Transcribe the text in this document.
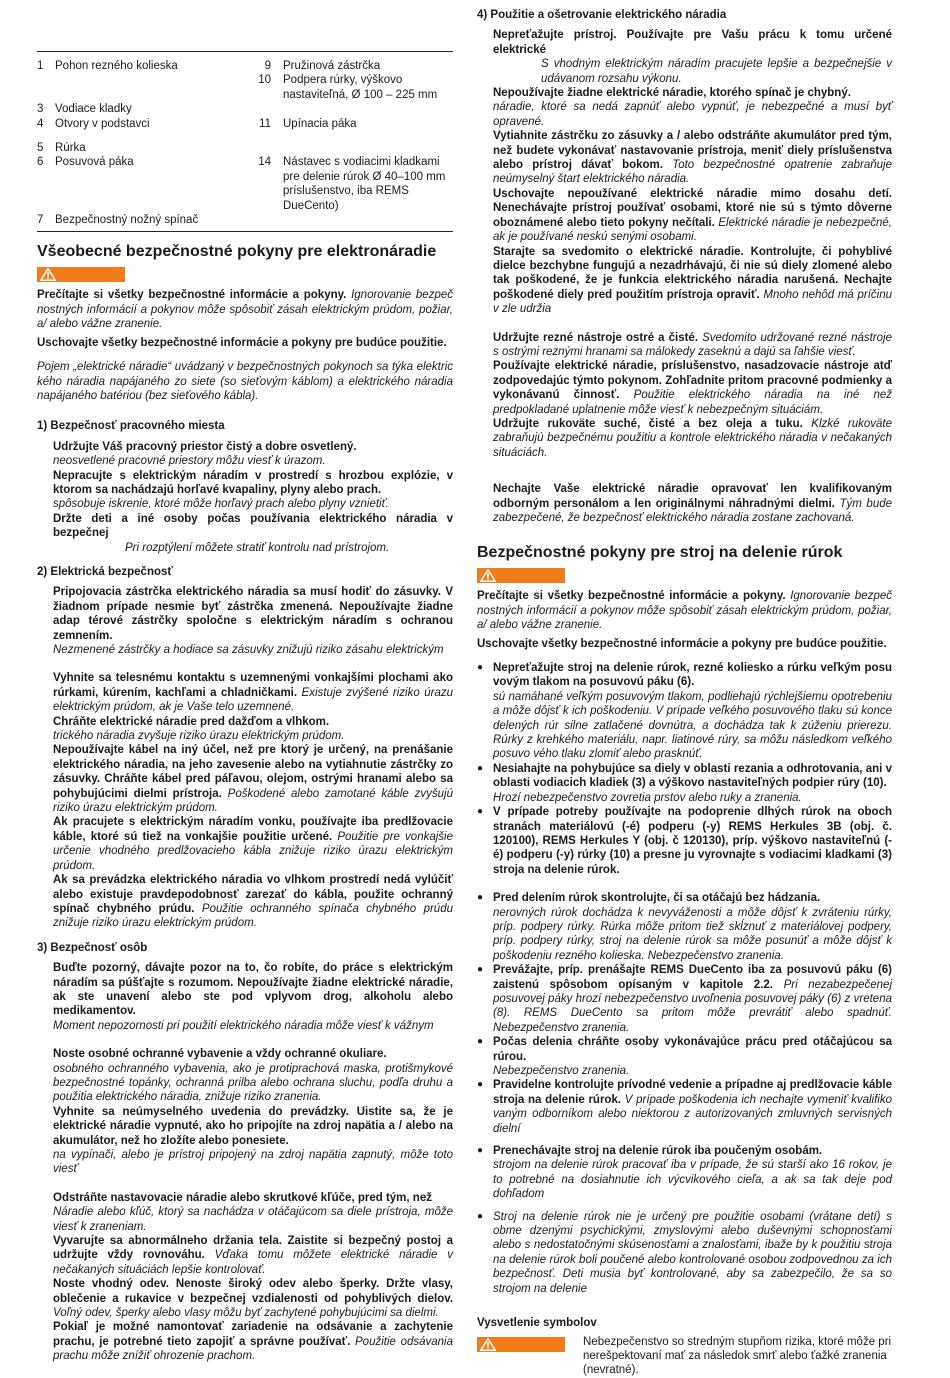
1	Pohon rezného kolieska	9	Pružinová zástrčka
		10	Podpera rúrky, výškovo nastaviteľná, Ø 100 – 225 mm
3	Vodiace kladky		
4	Otvory v podstavci	11	Upínacia páka

5	Rúrka		
6	Posuvová páka	14	Nástavec s vodiacimi kladkami pre delenie rúrok Ø 40–100 mm príslušenstvo, iba REMS DueCento)
7	Bezpečnostný nožný spínač		
Všeobecné bezpečnostné pokyny pre elektronáradie

Prečítajte si všetky bezpečnostné informácie a pokyny. Ignorovanie bezpeč nostných informácií a pokynov môže spôsobiť zásah elektrickým prúdom, požiar, a/ alebo vážne zranenie.

Uschovajte všetky bezpečnostné informácie a pokyny pre budúce použitie.

Pojem „elektrické náradie“ uvádzaný v bezpečnostných pokynoch sa týka elektric kého náradia napájaného zo siete (so sieťovým káblom) a elektrického náradia napájaného batériou (bez sieťového kábla).

1) Bezpečnosť pracovného miesta

Udržujte Váš pracovný priestor čistý a dobre osvetlený.

neosvetlené pracovné priestory môžu viesť k úrazom.

Nepracujte s elektrickým náradím v prostredí s hrozbou explózie, v ktorom sa nachádzajú horľavé kvapaliny, plyny alebo prach.

spôsobuje iskrenie, ktoré môže horľavý prach alebo plyny vznietiť.

Držte deti a iné osoby počas používania elektrického náradia v bezpečnej

Pri rozptýlení môžete stratiť kontrolu nad prístrojom.

2) Elektrická bezpečnosť

Pripojovacia zástrčka elektrického náradia sa musí hodiť do zásuvky. V žiadnom prípade nesmie byť zástrčka zmenená. Nepoužívajte žiadne adap térové zástrčky spoločne s elektrickým náradím s ochranou zemnením.

Nezmenené zástrčky a hodiace sa zásuvky znižujú riziko zásahu elektrickým

Vyhnite sa telesnému kontaktu s uzemnenými vonkajšími plochami ako rúrkami, kúrením, kachľami a chladničkami. Existuje zvýšené riziko úrazu elektrickým prúdom, ak je Vaše telo uzemnené.

Chráňte elektrické náradie pred dažďom a vlhkom.

trického náradia zvyšuje riziko úrazu elektrickým prúdom.

Nepoužívajte kábel na iný účel, než pre ktorý je určený, na prenášanie elektrického náradia, na jeho zavesenie alebo na vytiahnutie zástrčky zo zásuvky. Chráňte kábel pred páľavou, olejom, ostrými hranami alebo sa pohybujúcimi dielmi prístroja. Poškodené alebo zamotané káble zvyšujú riziko úrazu elektrickým prúdom.

Ak pracujete s elektrickým náradím vonku, používajte iba predlžovacie káble, ktoré sú tiež na vonkajšie použitie určené. Použitie pre vonkajšie určenie vhodného predlžovacieho kábla znižuje riziko úrazu elektrickým prúdom.

Ak sa prevádzka elektrického náradia vo vlhkom prostredí nedá vylúčiť alebo existuje pravdepodobnosť zarezať do kábla, použite ochranný spínač chybného prúdu. Použitie ochranného spínača chybného prúdu znižuje riziko úrazu elektrickým prúdom.

3) Bezpečnosť osôb

Buďte pozorný, dávajte pozor na to, čo robíte, do práce s elektrickým náradím sa púšťajte s rozumom. Nepoužívajte žiadne elektrické náradie, ak ste unavení alebo ste pod vplyvom drog, alkoholu alebo medikamentov.

Moment nepozornosti pri použití elektrického náradia môže viesť k vážnym

Noste osobné ochranné vybavenie a vždy ochranné okuliare.

osobného ochranného vybavenia, ako je protiprachová maska, protišmykové bezpečnostné topánky, ochranná prilba alebo ochrana sluchu, podľa druhu a použitia elektrického náradia, znižuje riziko zranenia.

Vyhnite sa neúmyselného uvedenia do prevádzky. Uistite sa, že je elektrické náradie vypnuté, ako ho pripojíte na zdroj napätia a / alebo na akumulátor, než ho zložíte alebo ponesiete.

na vypínači, alebo je prístroj pripojený na zdroj napätia zapnutý, môže toto viesť

Odstráňte nastavovacie náradie alebo skrutkové kľúče, pred tým, než

Náradie alebo kľúč, ktorý sa nachádza v otáčajúcom sa diele prístroja, môže viesť k zraneniam.

Vyvarujte sa abnormálneho držania tela. Zaistite si bezpečný postoj a udržujte vždy rovnováhu. Vďaka tomu môžete elektrické náradie v nečakaných situáciách lepšie kontrolovať.

Noste vhodný odev. Nenoste široký odev alebo šperky. Držte vlasy, oblečenie a rukavice v bezpečnej vzdialenosti od pohyblivých dielov. Voľný odev, šperky alebo vlasy môžu byť zachytené pohybujúcimi sa dielmi.

Pokiaľ je možné namontovať zariadenie na odsávanie a zachytenie prachu, je potrebné tieto zapojiť a správne používať. Použitie odsávania prachu môže znížiť ohrozenie prachom.

4) Použitie a ošetrovanie elektrického náradia

Nepreťažujte prístroj. Používajte pre Vašu prácu k tomu určené elektrické

S vhodným elektrickým náradím pracujete lepšie a bezpečnejšie v udávanom rozsahu výkonu.

Nepoužívajte žiadne elektrické náradie, ktorého spínač je chybný.

náradie, ktoré sa nedá zapnúť alebo vypnúť, je nebezpečné a musí byť opravené.

Vytiahnite zástrčku zo zásuvky a / alebo odstráňte akumulátor pred tým, než budete vykonávať nastavovanie prístroja, meniť diely príslušenstva alebo prístroj dávať bokom. Toto bezpečnostné opatrenie zabraňuje neúmyselný štart elektrického náradia.

Uschovajte nepoužívané elektrické náradie mimo dosahu detí. Nenechávajte prístroj používať osobami, ktoré nie sú s týmto dôverne oboznámené alebo tieto pokyny nečítali. Elektrické náradie je nebezpečné, ak je používané neskú senými osobami.

Starajte sa svedomito o elektrické náradie. Kontrolujte, či pohyblivé dielce bezchybne fungujú a nezadrhávajú, či nie sú diely zlomené alebo tak poškodené, že je funkcia elektrického náradia narušená. Nechajte poškodené diely pred použitím prístroja opraviť. Mnoho nehôd má príčinu v zle udržia

Udržujte rezné nástroje ostré a čisté. Svedomito udržované rezné nástroje s ostrými reznými hranami sa málokedy zaseknú a dajú sa ľahšie viesť.

Používajte elektrické náradie, príslušenstvo, nasadzovacie nástroje atď zodpovedajúc týmto pokynom. Zohľadnite pritom pracovné podmienky a vykonávanú činnosť. Použitie elektrického náradia na iné než predpokladané uplatnenie môže viesť k nebezpečným situáciám.

Udržujte rukoväte suché, čisté a bez oleja a tuku. Klzké rukoväte zabraňujú bezpečnému použitiu a kontrole elektrického náradia v nečakaných situáciách.

Nechajte Vaše elektrické náradie opravovať len kvalifikovaným odborným personálom a len originálnymi náhradnými dielmi. Tým bude zabezpečené, že bezpečnosť elektrického náradia zostane zachovaná.

Bezpečnostné pokyny pre stroj na delenie rúrok

Prečítajte si všetky bezpečnostné informácie a pokyny. Ignorovanie bezpeč nostných informácií a pokynov môže spôsobiť zásah elektrickým prúdom, požiar, a/ alebo vážne zranenie.

Uschovajte všetky bezpečnostné informácie a pokyny pre budúce použitie.

● Nepreťažujte stroj na delenie rúrok, rezné koliesko a rúrku veľkým posu vovým tlakom na posuvovú páku (6).

sú namáhané veľkým posuvovým tlakom, podliehajú rýchlejšiemu opotrebeniu a môže dôjsť k ich poškodeniu. V prípade veľkého posuvového tlaku sú konce delených rúr silne zatlačené dovnútra, a dochádza tak k zúženiu prierezu. Rúrky z krehkého materiálu, napr. liatinové rúry, sa môžu následkom veľkého posuvo vého tlaku zlomiť alebo prasknúť.

● Nesiahajte na pohybujúce sa diely v oblasti rezania a odhrotovania, ani v oblasti vodiacich kladiek (3) a výškovo nastaviteľných podpier rúry (10).

Hrozí nebezpečenstvo zovretia prstov alebo ruky a zranenia.

● V prípade potreby používajte na podoprenie dlhých rúrok na oboch stranách materiálovú (-é) podperu (-y) REMS Herkules 3B (obj. č. 120100), REMS Herkules Y (obj. č 120130), príp. výškovo nastaviteľnú (-é) podperu (-y) rúrky (10) a presne ju vyrovnajte s vodiacimi kladkami (3) stroja na delenie rúrok.

● Pred delením rúrok skontrolujte, či sa otáčajú bez hádzania.

nerovných rúrok dochádza k nevyváženosti a môže dôjsť k zvráteniu rúrky, príp. podpery rúrky. Rúrka môže pritom tiež skĺznuť z materiálovej podpery, príp. podpery rúrky, stroj na delenie rúrok sa môže posunúť a môže dôjsť k poškodeniu rezného kolieska. Nebezpečenstvo zranenia.

● Prevážajte, príp. prenášajte REMS DueCento iba za posuvovú páku (6) zaistenú spôsobom opísaným v kapitole 2.2. Pri nezabezpečenej posuvovej páky hrozí nebezpečenstvo uvoľnenia posuvovej páky (6) z vretena (8). REMS DueCento sa pritom môže prevrátiť alebo spadnúť. Nebezpečenstvo zranenia.

● Počas delenia chráňte osoby vykonávajúce prácu pred otáčajúcou sa rúrou.

Nebezpečenstvo zranenia.

● Pravidelne kontrolujte prívodné vedenie a prípadne aj predlžovacie káble stroja na delenie rúrok. V prípade poškodenia ich nechajte vymeniť kvalifiko vaným odborníkom alebo niektorou z autorizovaných zmluvných servisných dielní

● Prenechávajte stroj na delenie rúrok iba poučeným osobám.

strojom na delenie rúrok pracovať iba v prípade, že sú starší ako 16 rokov, je to potrebné na dosiahnutie ich výcvikového cieľa, a ak sa tak deje pod dohľadom

● Stroj na delenie rúrok nie je určený pre použitie osobami (vrátane detí) s obme dzenými psychickými, zmyslovými alebo duševnými schopnosťami alebo s nedostatočnými skúsenosťami a znalosťami, ibaže by k použitiu stroja na delenie rúrok boli poučené alebo kontrolované osobou zodpovednou za ich bezpečnosť. Deti musia byť kontrolované, aby sa zabezpečilo, že sa so strojom na delenie

Vysvetlenie symbolov

Nebezpečenstvo so stredným stupňom rizika, ktoré môže pri nerešpektovaní mať za následok smrť alebo ťažké zranenia (nevratné).
